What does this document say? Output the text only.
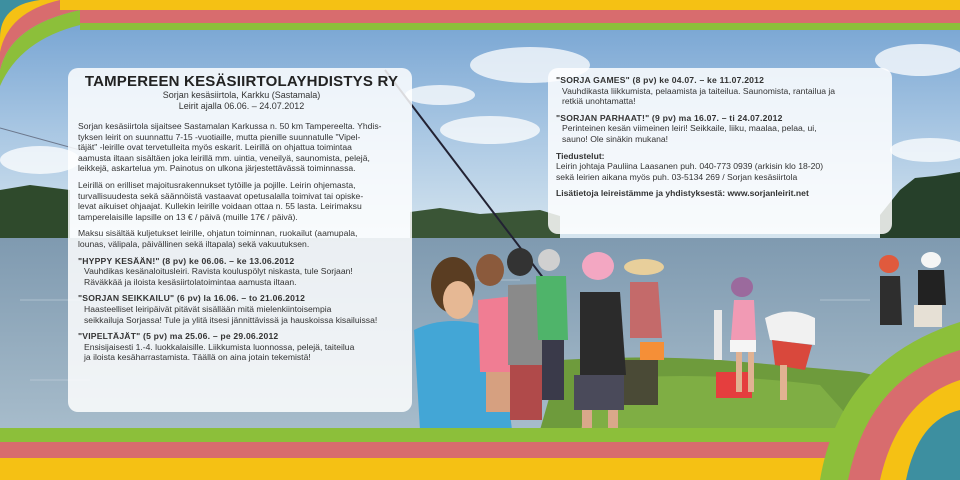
TAMPEREEN KESÄSIIRTOLAYHDISTYS RY
Sorjan kesäsiirtola, Karkku (Sastamala)
Leirit ajalla 06.06. – 24.07.2012

Sorjan kesäsiirtola sijaitsee Sastamalan Karkussa n. 50 km Tampereelta. Yhdis-
tyksen leirit on suunnattu 7-15 -vuotiaille, mutta pienille suunnatulle "Vipel-
täjät" -leirille ovat tervetulleita myös eskarit. Leirillä on ohjattua toimintaa
aamusta iltaan sisältäen joka leirillä mm. uintia, veneilyä, saunomista, pelejä,
leikkejä, askartelua ym. Painotus on ulkona järjestettävässä toiminnassa.

Leirillä on erilliset majoitusrakennukset tytöille ja pojille. Leirin ohjemasta,
turvallisuudesta sekä säännöistä vastaavat opetusalalla toimivat tai opiske-
levat aikuiset ohjaajat. Kullekin leirille voidaan ottaa n. 55 lasta. Leirimaksu
tamperelaisille lapsille on 13 € / päivä (muille 17€ / päivä).

Maksu sisältää kuljetukset leirille, ohjatun toiminnan, ruokailut (aamupala,
lounas, välipala, päivällinen sekä iltapala) sekä vakuutuksen.

"HYPPY KESÄÄN!" (8 pv) ke 06.06. – ke 13.06.2012
Vauhdikas kesänaloitusleiri. Ravista kouluspölyt niskasta, tule Sorjaan!
Räväkkää ja iloista kesäsiirtolatoimintaa aamusta iltaan.
"SORJAN SEIKKAILU" (6 pv) la 16.06. – to 21.06.2012
Haasteelliset leiripäivät pitävät sisällään mitä mielenkiintoisempia
seikkailuja Sorjassa! Tule ja ylitä itsesi jännittävissä ja hauskoissa kisailuissa!
"VIPELTÄJÄT" (5 pv) ma 25.06. – pe 29.06.2012
Ensisijaisesti 1.-4. luokkalaisille. Liikkumista luonnossa, pelejä, taiteilua
ja iloista kesäharrastamista. Täällä on aina jotain tekemistä!
"SORJA GAMES" (8 pv) ke 04.07. – ke 11.07.2012
Vauhdikasta liikkumista, pelaamista ja taiteilua. Saunomista, rantailua ja
retkiä unohtamatta!
"SORJAN PARHAAT!" (9 pv) ma 16.07. – ti 24.07.2012
Perinteinen kesän viimeinen leiri! Seikkaile, liiku, maalaa, pelaa, ui,
sauno! Ole sinäkin mukana!
Tiedustelut:
Leirin johtaja Pauliina Laasanen puh. 040-773 0939 (arkisin klo 18-20)
sekä leirien aikana myös puh. 03-5134 269 / Sorjan kesäsiirtola
Lisätietoja leireistämme ja yhdistyksestä: www.sorjanleirit.net
